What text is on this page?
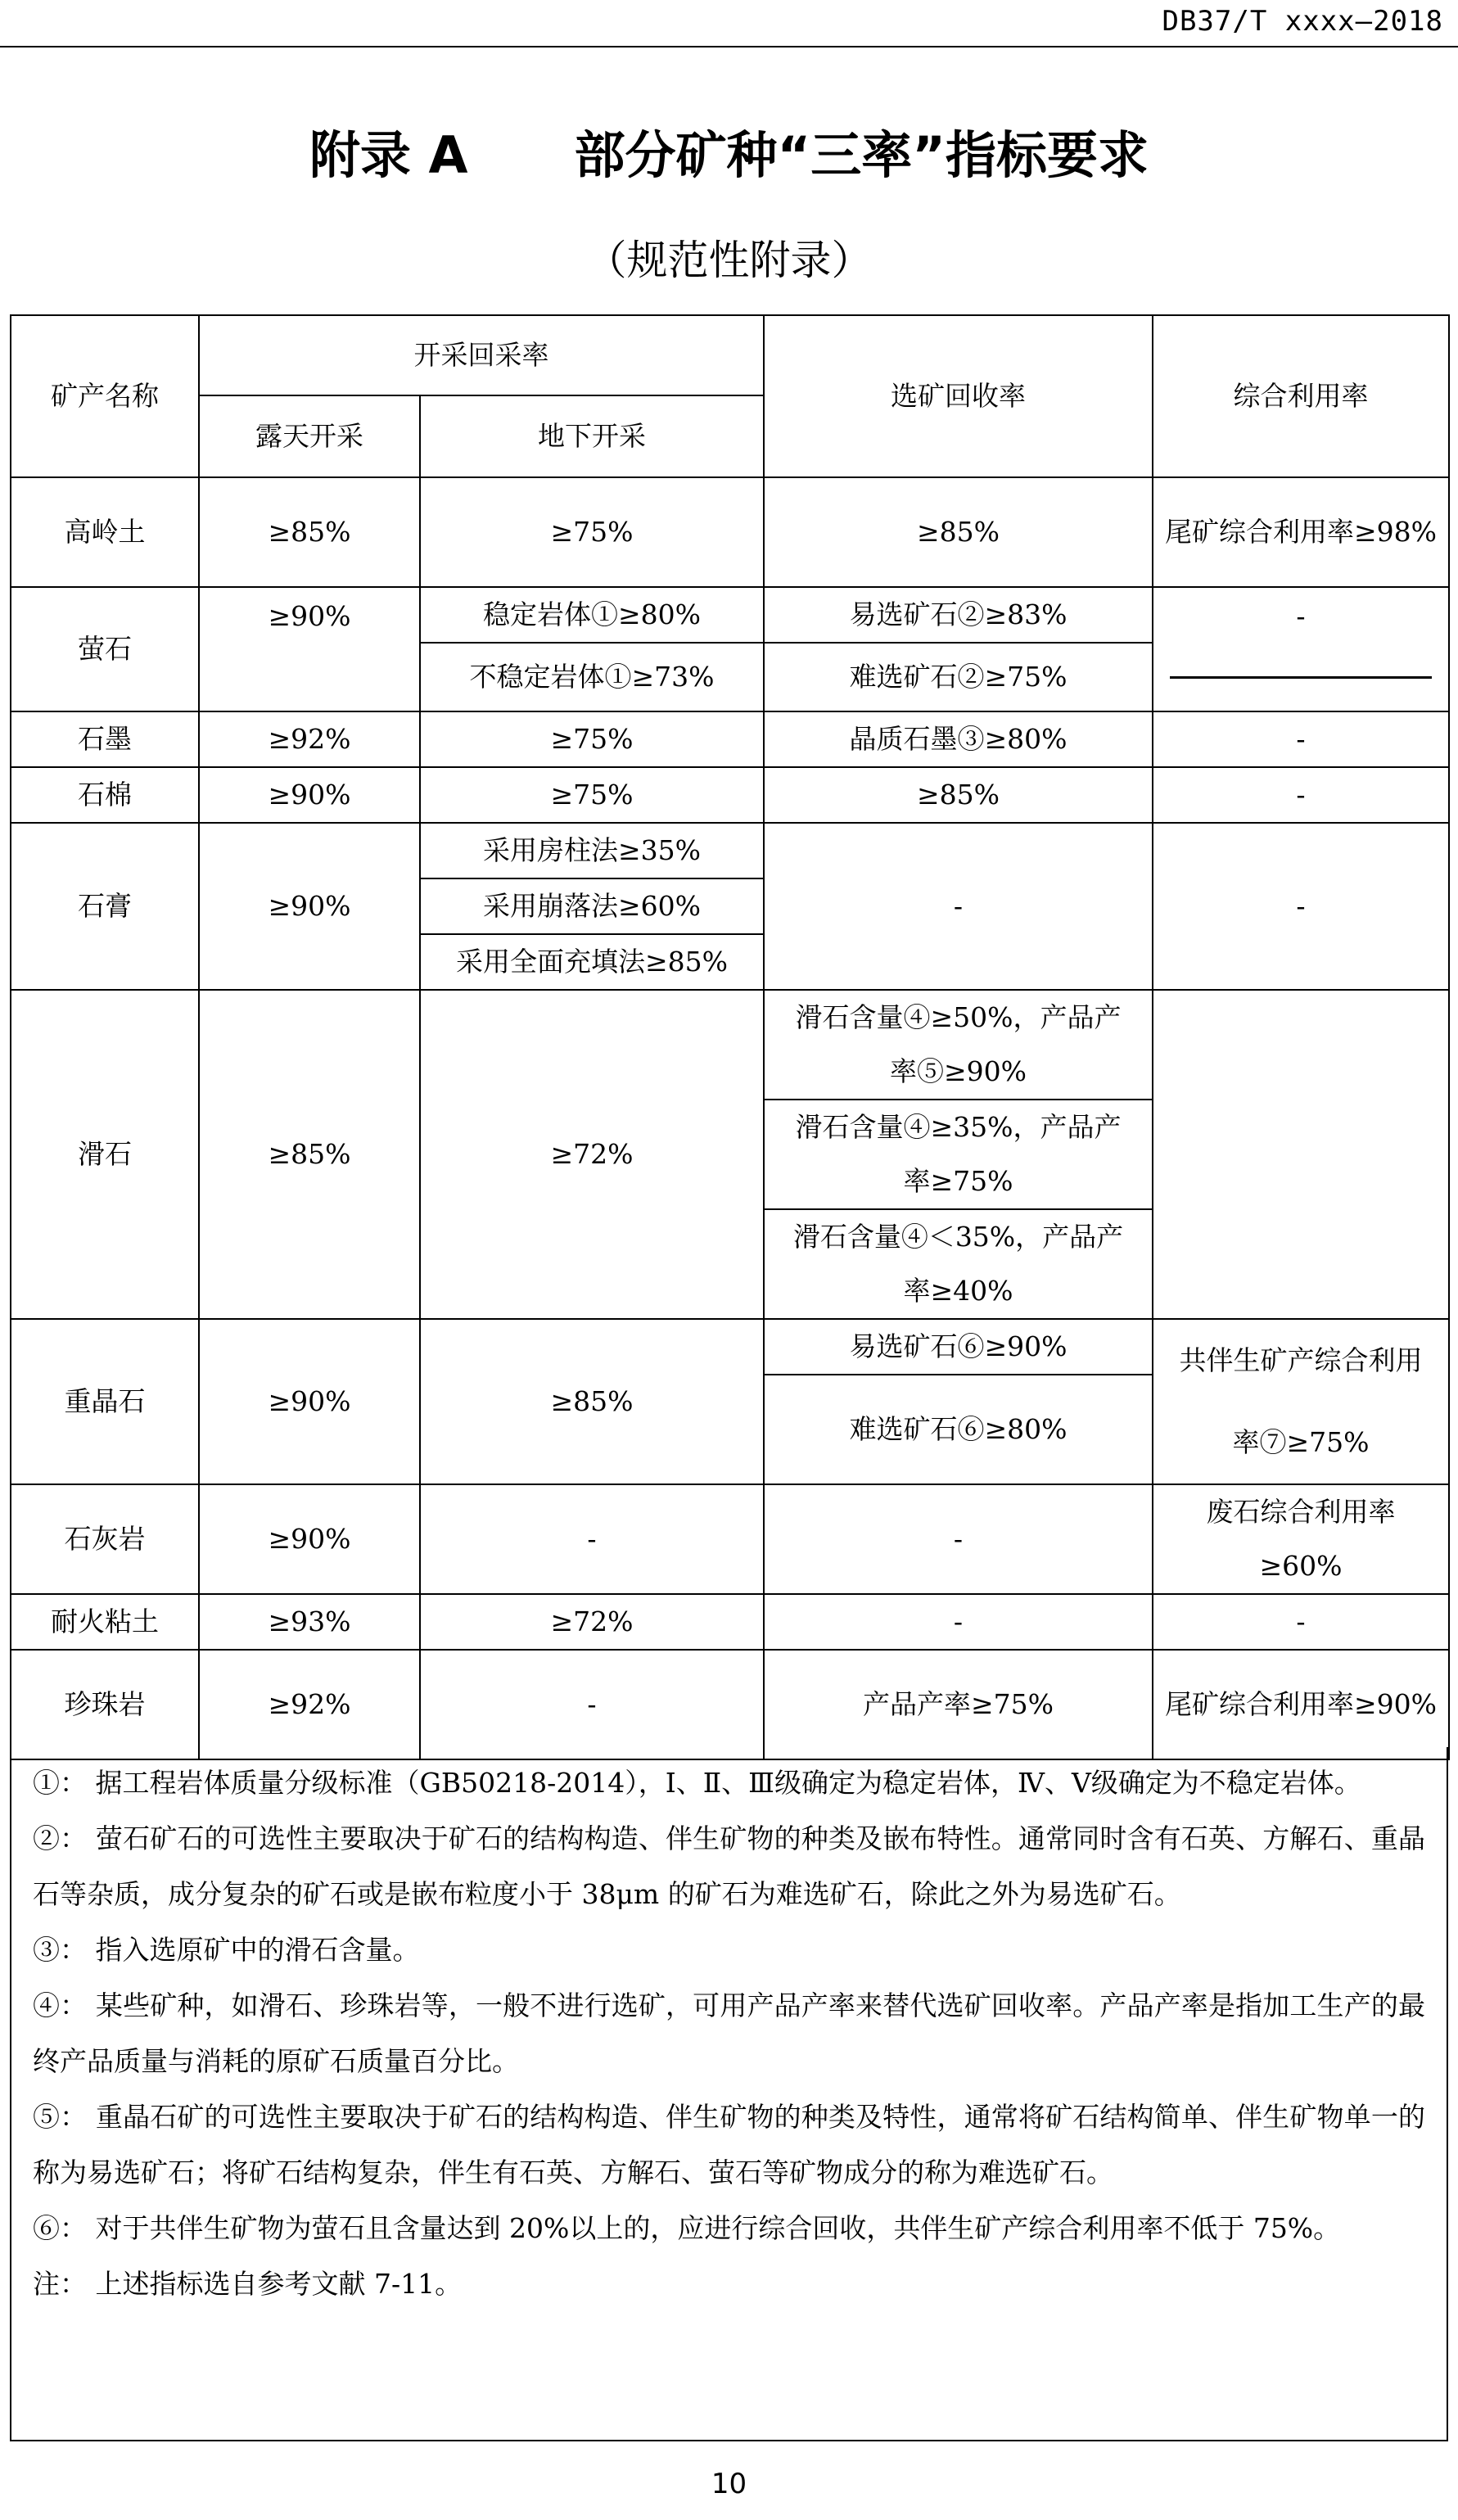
DB37/T xxxx—2018
附录 A 部分矿种“三率”指标要求
（规范性附录）
矿产名称	开采回采率		选矿回收率	综合利用率
	露天开采	地下开采		
高岭土	≥85%	≥75%	≥85%	尾矿综合利用率≥98%
萤石	≥90%	稳定岩体①≥80%	易选矿石②≥83%	-

		不稳定岩体①≥73%	难选矿石②≥75%	
石墨	≥92%	≥75%	晶质石墨③≥80%	-
石棉	≥90%	≥75%	≥85%	-
石膏	≥90%	采用房柱法≥35%	-	-
		采用崩落法≥60%		
		采用全面充填法≥85%		
滑石	≥85%	≥72%	滑石含量④≥50%，产品产率⑤≥90%	
			滑石含量④≥35%，产品产率≥75%	
			滑石含量④＜35%，产品产率≥40%	
重晶石	≥90%	≥85%	易选矿石⑥≥90%	共伴生矿产综合利用率⑦≥75%
			难选矿石⑥≥80%	
石灰岩	≥90%	-	-	废石综合利用率≥60%
耐火粘土	≥93%	≥72%	-	-
珍珠岩	≥92%	-	产品产率≥75%	尾矿综合利用率≥90%

①： 据工程岩体质量分级标准（GB50218-2014），Ⅰ、Ⅱ、Ⅲ级确定为稳定岩体，Ⅳ、Ⅴ级确定为不稳定岩体。

②： 萤石矿石的可选性主要取决于矿石的结构构造、伴生矿物的种类及嵌布特性。通常同时含有石英、方解石、重晶石等杂质，成分复杂的矿石或是嵌布粒度小于 38μm 的矿石为难选矿石，除此之外为易选矿石。

③： 指入选原矿中的滑石含量。

④： 某些矿种，如滑石、珍珠岩等，一般不进行选矿，可用产品产率来替代选矿回收率。产品产率是指加工生产的最终产品质量与消耗的原矿石质量百分比。

⑤： 重晶石矿的可选性主要取决于矿石的结构构造、伴生矿物的种类及特性，通常将矿石结构简单、伴生矿物单一的称为易选矿石；将矿石结构复杂，伴生有石英、方解石、萤石等矿物成分的称为难选矿石。

⑥： 对于共伴生矿物为萤石且含量达到 20%以上的，应进行综合回收，共伴生矿产综合利用率不低于 75%。

注： 上述指标选自参考文献 7-11。

10
